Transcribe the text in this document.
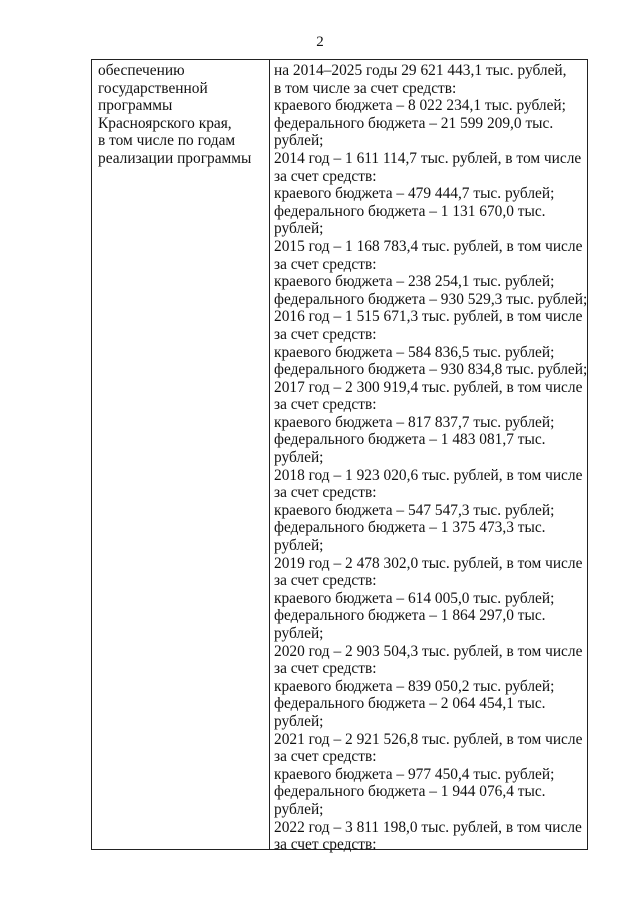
2
обеспечению
государственной
программы
Красноярского края,
в том числе по годам
реализации программы
на 2014–2025 годы 29 621 443,1 тыс. рублей,
в том числе за счет средств:
краевого бюджета – 8 022 234,1 тыс. рублей;
федерального бюджета – 21 599 209,0 тыс.
рублей;
2014 год – 1 611 114,7 тыс. рублей, в том числе
за счет средств:
краевого бюджета – 479 444,7 тыс. рублей;
федерального бюджета – 1 131 670,0 тыс.
рублей;
2015 год – 1 168 783,4 тыс. рублей, в том числе
за счет средств:
краевого бюджета – 238 254,1 тыс. рублей;
федерального бюджета – 930 529,3 тыс. рублей;
2016 год – 1 515 671,3 тыс. рублей, в том числе
за счет средств:
краевого бюджета – 584 836,5 тыс. рублей;
федерального бюджета – 930 834,8 тыс. рублей;
2017 год – 2 300 919,4 тыс. рублей, в том числе
за счет средств:
краевого бюджета – 817 837,7 тыс. рублей;
федерального бюджета – 1 483 081,7 тыс.
рублей;
2018 год – 1 923 020,6 тыс. рублей, в том числе
за счет средств:
краевого бюджета – 547 547,3 тыс. рублей;
федерального бюджета – 1 375 473,3 тыс.
рублей;
2019 год – 2 478 302,0 тыс. рублей, в том числе
за счет средств:
краевого бюджета – 614 005,0 тыс. рублей;
федерального бюджета – 1 864 297,0 тыс.
рублей;
2020 год – 2 903 504,3 тыс. рублей, в том числе
за счет средств:
краевого бюджета – 839 050,2 тыс. рублей;
федерального бюджета – 2 064 454,1 тыс.
рублей;
2021 год – 2 921 526,8 тыс. рублей, в том числе
за счет средств:
краевого бюджета – 977 450,4 тыс. рублей;
федерального бюджета – 1 944 076,4 тыс.
рублей;
2022 год – 3 811 198,0 тыс. рублей, в том числе
за счет средств:
